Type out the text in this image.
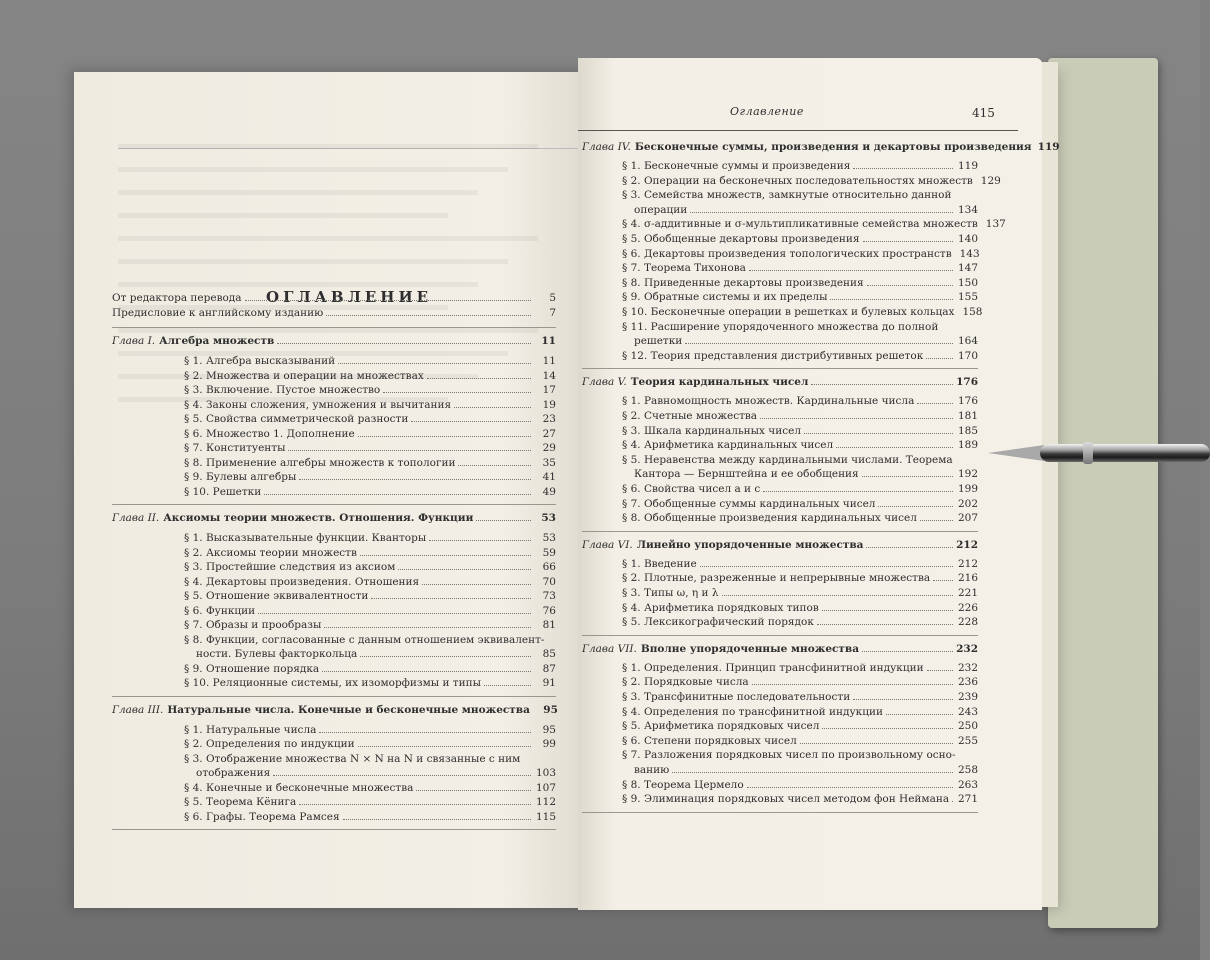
ОГЛАВЛЕНИЕ
От редактора перевода	5
Предисловие к английскому изданию	7
Глава I. Алгебра множеств	11
§ 1. Алгебра высказываний	11
§ 2. Множества и операции на множествах	14
§ 3. Включение. Пустое множество	17
§ 4. Законы сложения, умножения и вычитания	19
§ 5. Свойства симметрической разности	23
§ 6. Множество 1. Дополнение	27
§ 7. Конституенты	29
§ 8. Применение алгебры множеств к топологии	35
§ 9. Булевы алгебры	41
§ 10. Решетки	49
Глава II. Аксиомы теории множеств. Отношения. Функции	53
§ 1. Высказывательные функции. Кванторы	53
§ 2. Аксиомы теории множеств	59
§ 3. Простейшие следствия из аксиом	66
§ 4. Декартовы произведения. Отношения	70
§ 5. Отношение эквивалентности	73
§ 6. Функции	76
§ 7. Образы и прообразы	81
§ 8. Функции, согласованные с данным отношением эквивалент-
ности. Булевы факторкольца	85
§ 9. Отношение порядка	87
§ 10. Реляционные системы, их изоморфизмы и типы	91
Глава III. Натуральные числа. Конечные и бесконечные множества	95
§ 1. Натуральные числа	95
§ 2. Определения по индукции	99
§ 3. Отображение множества N × N на N и связанные с ним
отображения	103
§ 4. Конечные и бесконечные множества	107
§ 5. Теорема Кёнига	112
§ 6. Графы. Теорема Рамсея	115
Оглавление	415
Глава IV. Бесконечные суммы, произведения и декартовы произведения 119
§ 1. Бесконечные суммы и произведения	119
§ 2. Операции на бесконечных последовательностях множеств 129
§ 3. Семейства множеств, замкнутые относительно данной
операции	134
§ 4. σ-аддитивные и σ-мультипликативные семейства множеств 137
§ 5. Обобщенные декартовы произведения	140
§ 6. Декартовы произведения топологических пространств 143
§ 7. Теорема Тихонова	147
§ 8. Приведенные декартовы произведения	150
§ 9. Обратные системы и их пределы	155
§ 10. Бесконечные операции в решетках и булевых кольцах 158
§ 11. Расширение упорядоченного множества до полной
решетки	164
§ 12. Теория представления дистрибутивных решеток	170
Глава V. Теория кардинальных чисел	176
§ 1. Равномощность множеств. Кардинальные числа	176
§ 2. Счетные множества	181
§ 3. Шкала кардинальных чисел	185
§ 4. Арифметика кардинальных чисел	189
§ 5. Неравенства между кардинальными числами. Теорема
Кантора — Бернштейна и ее обобщения	192
§ 6. Свойства чисел а и с	199
§ 7. Обобщенные суммы кардинальных чисел	202
§ 8. Обобщенные произведения кардинальных чисел	207
Глава VI. Линейно упорядоченные множества	212
§ 1. Введение	212
§ 2. Плотные, разреженные и непрерывные множества	216
§ 3. Типы ω, η и λ	221
§ 4. Арифметика порядковых типов	226
§ 5. Лексикографический порядок	228
Глава VII. Вполне упорядоченные множества	232
§ 1. Определения. Принцип трансфинитной индукции	232
§ 2. Порядковые числа	236
§ 3. Трансфинитные последовательности	239
§ 4. Определения по трансфинитной индукции	243
§ 5. Арифметика порядковых чисел	250
§ 6. Степени порядковых чисел	255
§ 7. Разложения порядковых чисел по произвольному осно-
ванию	258
§ 8. Теорема Цермело	263
§ 9. Элиминация порядковых чисел методом фон Неймана 271
